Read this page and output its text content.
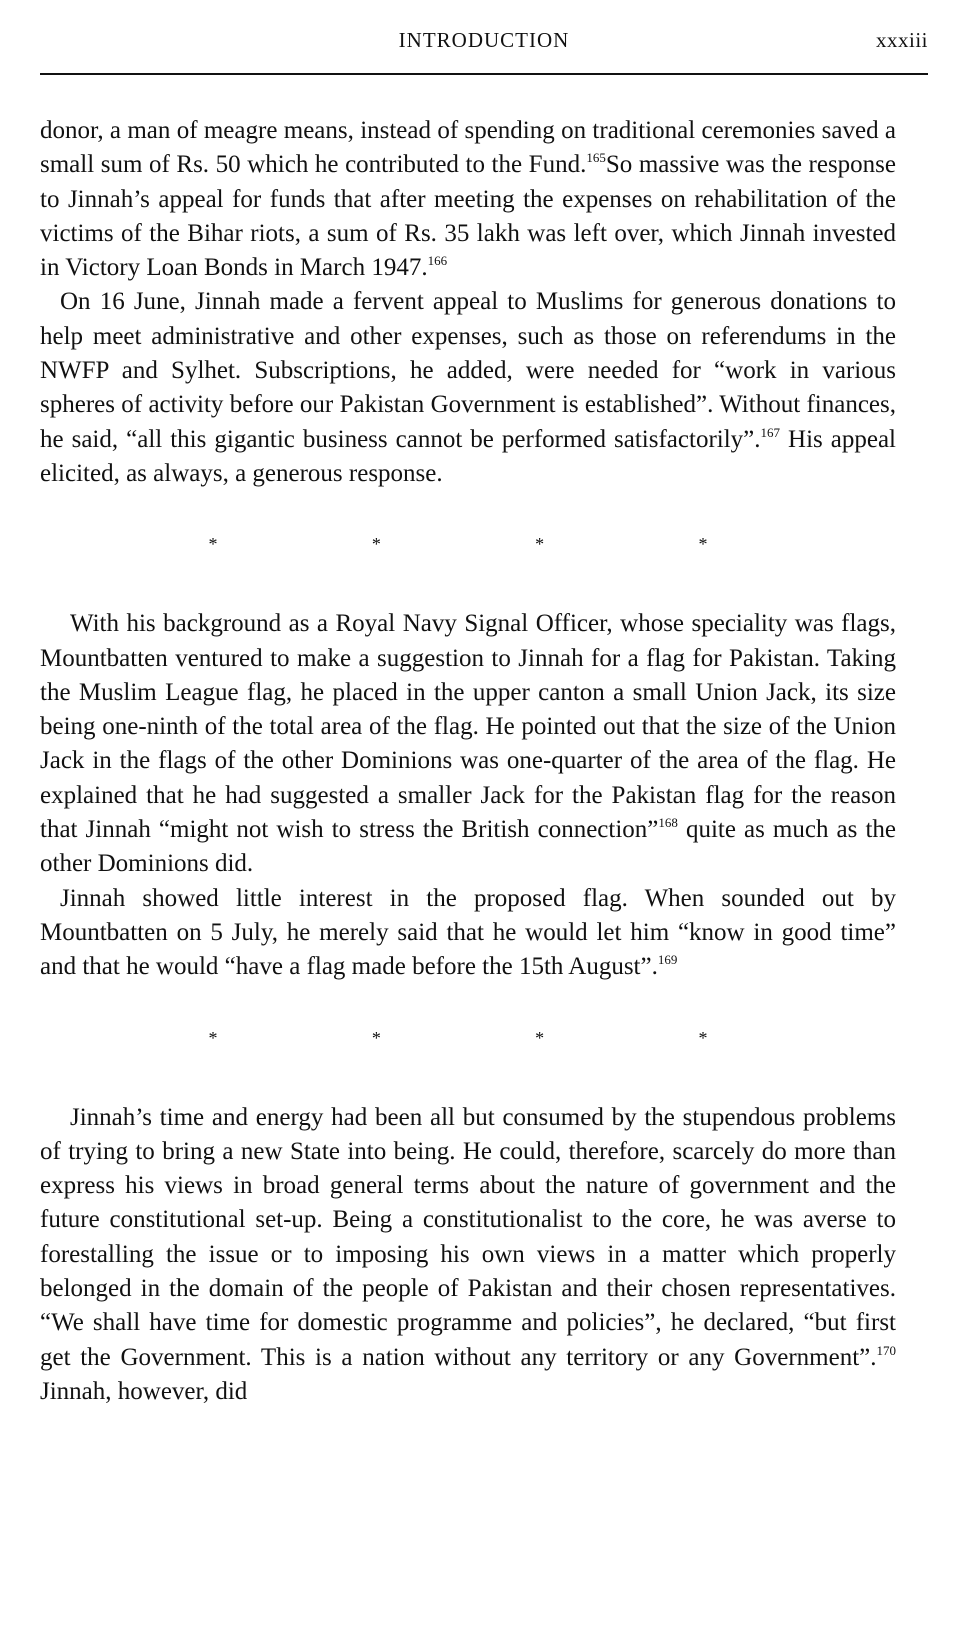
INTRODUCTION	xxxiii

donor, a man of meagre means, instead of spending on traditional ceremonies saved a small sum of Rs. 50 which he contributed to the Fund.$^{165}$So massive was the response to Jinnah’s appeal for funds that after meeting the expenses on rehabilitation of the victims of the Bihar riots, a sum of Rs. 35 lakh was left over, which Jinnah invested in Victory Loan Bonds in March 1947.$^{166}$

On 16 June, Jinnah made a fervent appeal to Muslims for generous donations to help meet administrative and other expenses, such as those on referendums in the NWFP and Sylhet. Subscriptions, he added, were needed for “work in various spheres of activity before our Pakistan Government is established”. Without finances, he said, “all this gigantic business cannot be performed satisfactorily”.$^{167}$ His appeal elicited, as always, a generous response.

*	*	*	*

With his background as a Royal Navy Signal Officer, whose speciality was flags, Mountbatten ventured to make a suggestion to Jinnah for a flag for Pakistan. Taking the Muslim League flag, he placed in the upper canton a small Union Jack, its size being one-ninth of the total area of the flag. He pointed out that the size of the Union Jack in the flags of the other Dominions was one-quarter of the area of the flag. He explained that he had suggested a smaller Jack for the Pakistan flag for the reason that Jinnah “might not wish to stress the British connection”$^{168}$ quite as much as the other Dominions did.

Jinnah showed little interest in the proposed flag. When sounded out by Mountbatten on 5 July, he merely said that he would let him “know in good time” and that he would “have a flag made before the 15th August”.$^{169}$

*	*	*	*

Jinnah’s time and energy had been all but consumed by the stupendous problems of trying to bring a new State into being. He could, therefore, scarcely do more than express his views in broad general terms about the nature of government and the future constitutional set-up. Being a constitutionalist to the core, he was averse to forestalling the issue or to imposing his own views in a matter which properly belonged in the domain of the people of Pakistan and their chosen representatives. “We shall have time for domestic programme and policies”, he declared, “but first get the Government. This is a nation without any territory or any Government”.$^{170}$ Jinnah, however, did
